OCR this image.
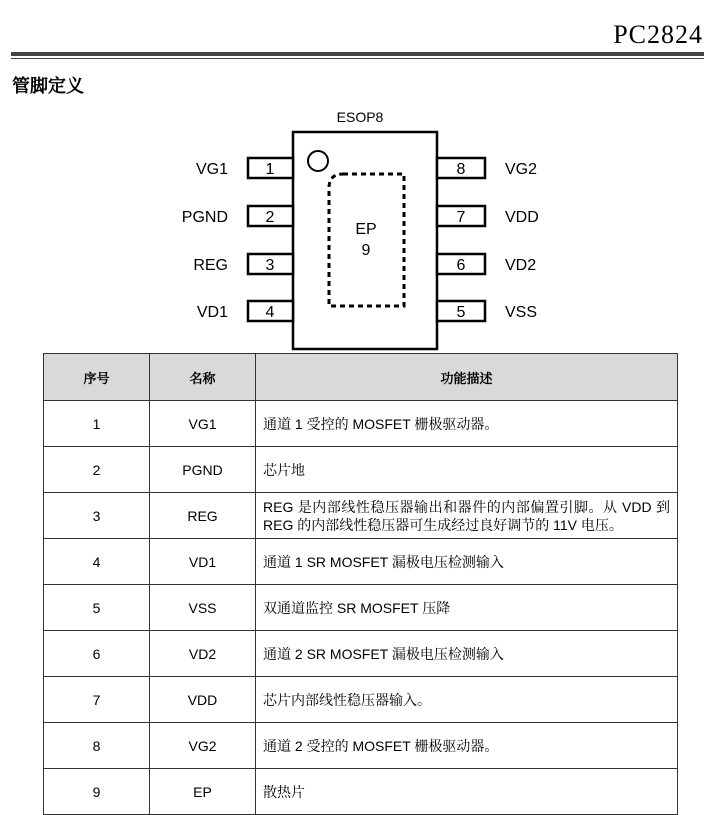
PC2824
管脚定义
ESOP8
EP
9
1
VG1
2
PGND
3
REG
4
VD1
8 VG2
7 VDD
6 VD2
5 VSS
序号	名称	功能描述
1	VG1	通道 1 受控的 MOSFET 栅极驱动器。
2	PGND	芯片地
3	REG	REG 是内部线性稳压器输出和器件的内部偏置引脚。从 VDD 到 REG 的内部线性稳压器可生成经过良好调节的 11V 电压。
4	VD1	通道 1 SR MOSFET 漏极电压检测输入
5	VSS	双通道监控 SR MOSFET 压降
6	VD2	通道 2 SR MOSFET 漏极电压检测输入
7	VDD	芯片内部线性稳压器输入。
8	VG2	通道 2 受控的 MOSFET 栅极驱动器。
9	EP	散热片
